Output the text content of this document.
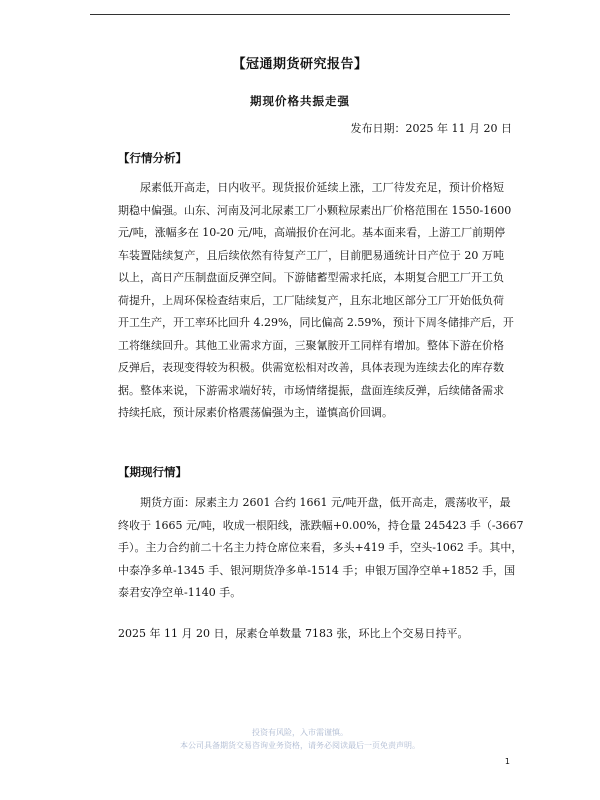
【冠通期货研究报告】
期现价格共振走强
发布日期：2025 年 11 月 20 日
【行情分析】
尿素低开高走，日内收平。现货报价延续上涨，工厂待发充足，预计价格短
期稳中偏强。山东、河南及河北尿素工厂小颗粒尿素出厂价格范围在 1550-1600
元/吨，涨幅多在 10-20 元/吨，高端报价在河北。基本面来看，上游工厂前期停
车装置陆续复产，且后续依然有待复产工厂，目前肥易通统计日产位于 20 万吨
以上，高日产压制盘面反弹空间。下游储蓄型需求托底，本期复合肥工厂开工负
荷提升，上周环保检查结束后，工厂陆续复产，且东北地区部分工厂开始低负荷
开工生产，开工率环比回升 4.29%，同比偏高 2.59%，预计下周冬储排产后，开
工将继续回升。其他工业需求方面，三聚氰胺开工同样有增加。整体下游在价格
反弹后，表现变得较为积极。供需宽松相对改善，具体表现为连续去化的库存数
据。整体来说，下游需求端好转，市场情绪提振，盘面连续反弹，后续储备需求
持续托底，预计尿素价格震荡偏强为主，谨慎高价回调。
【期现行情】
期货方面：尿素主力 2601 合约 1661 元/吨开盘，低开高走，震荡收平，最
终收于 1665 元/吨，收成一根阳线，涨跌幅+0.00%，持仓量 245423 手（-3667
手）。主力合约前二十名主力持仓席位来看，多头+419 手，空头-1062 手。其中，
中泰净多单-1345 手、银河期货净多单-1514 手；申银万国净空单+1852 手，国
泰君安净空单-1140 手。
2025 年 11 月 20 日，尿素仓单数量 7183 张，环比上个交易日持平。
投资有风险，入市需谨慎。
本公司具备期货交易咨询业务资格，请务必阅读最后一页免责声明。
1
